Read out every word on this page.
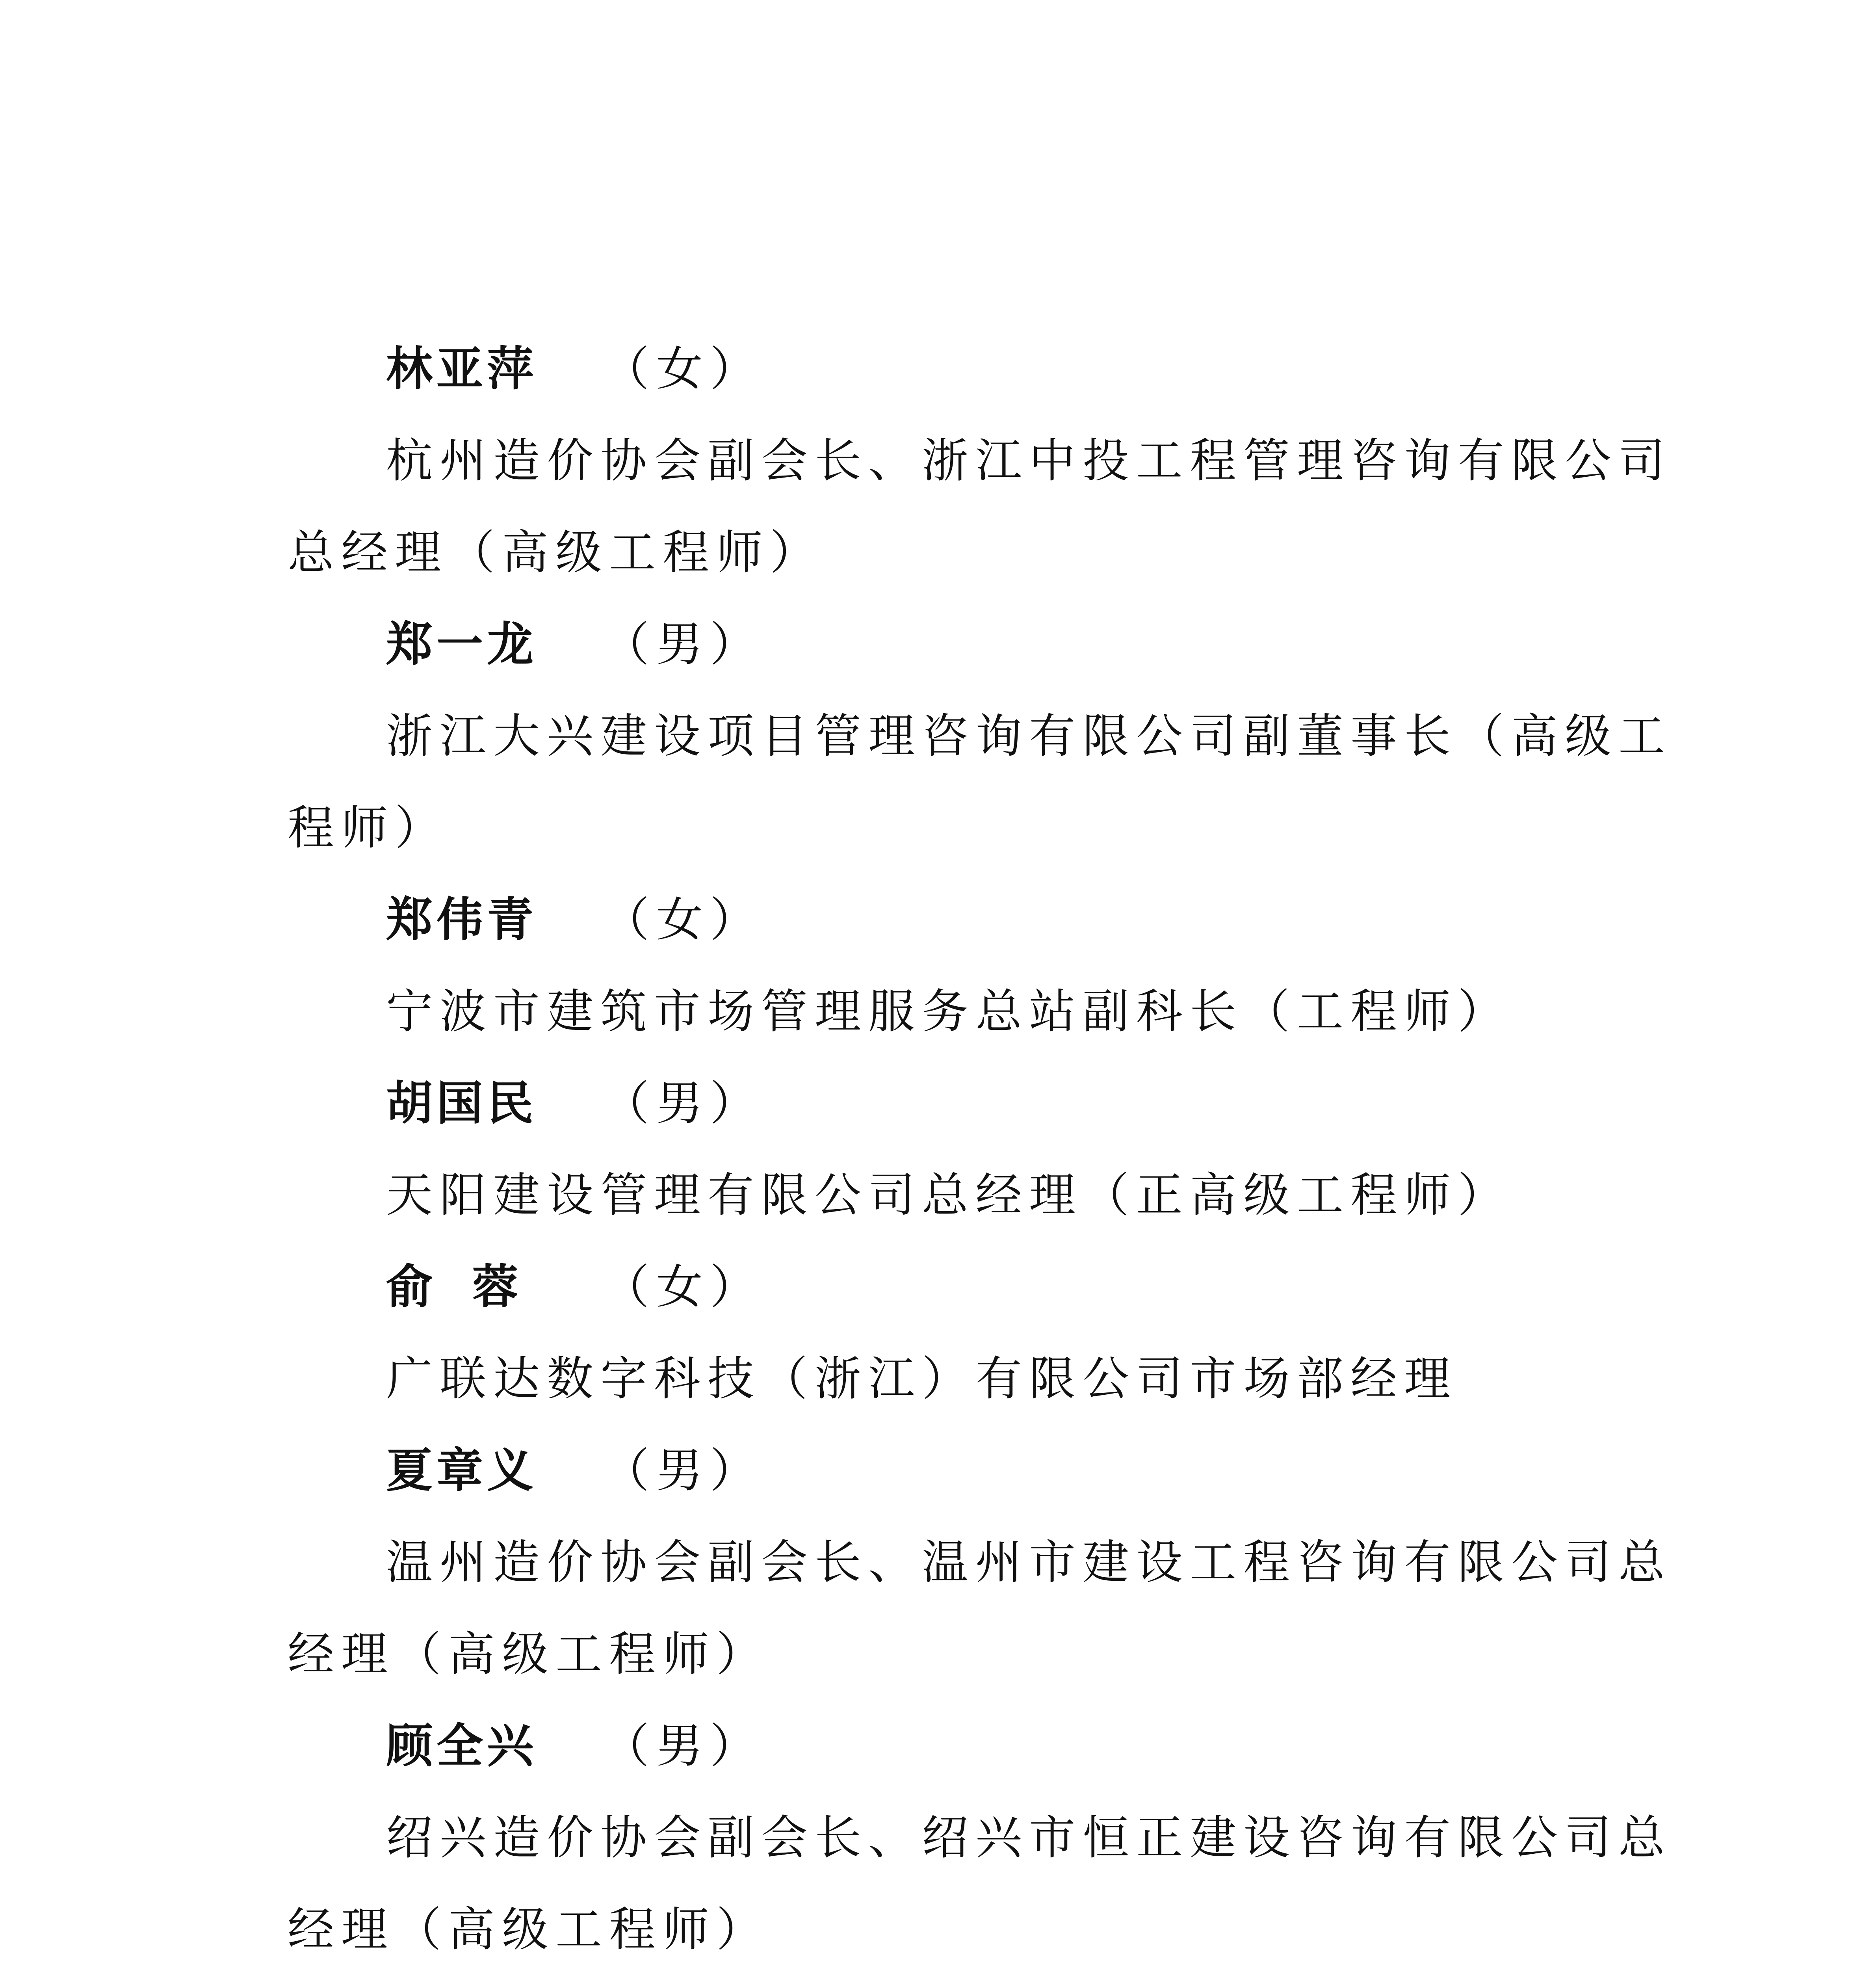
林亚萍 （女）
杭州造价协会副会长、浙江中投工程管理咨询有限公司
总经理（高级工程师）
郑一龙 （男）
浙江大兴建设项目管理咨询有限公司副董事长（高级工
程师）
郑伟青 （女）
宁波市建筑市场管理服务总站副科长（工程师）
胡国民 （男）
天阳建设管理有限公司总经理（正高级工程师）
俞蓉 （女）
广联达数字科技（浙江）有限公司市场部经理
夏章义 （男）
温州造价协会副会长、温州市建设工程咨询有限公司总
经理（高级工程师）
顾全兴 （男）
绍兴造价协会副会长、绍兴市恒正建设咨询有限公司总
经理（高级工程师）
